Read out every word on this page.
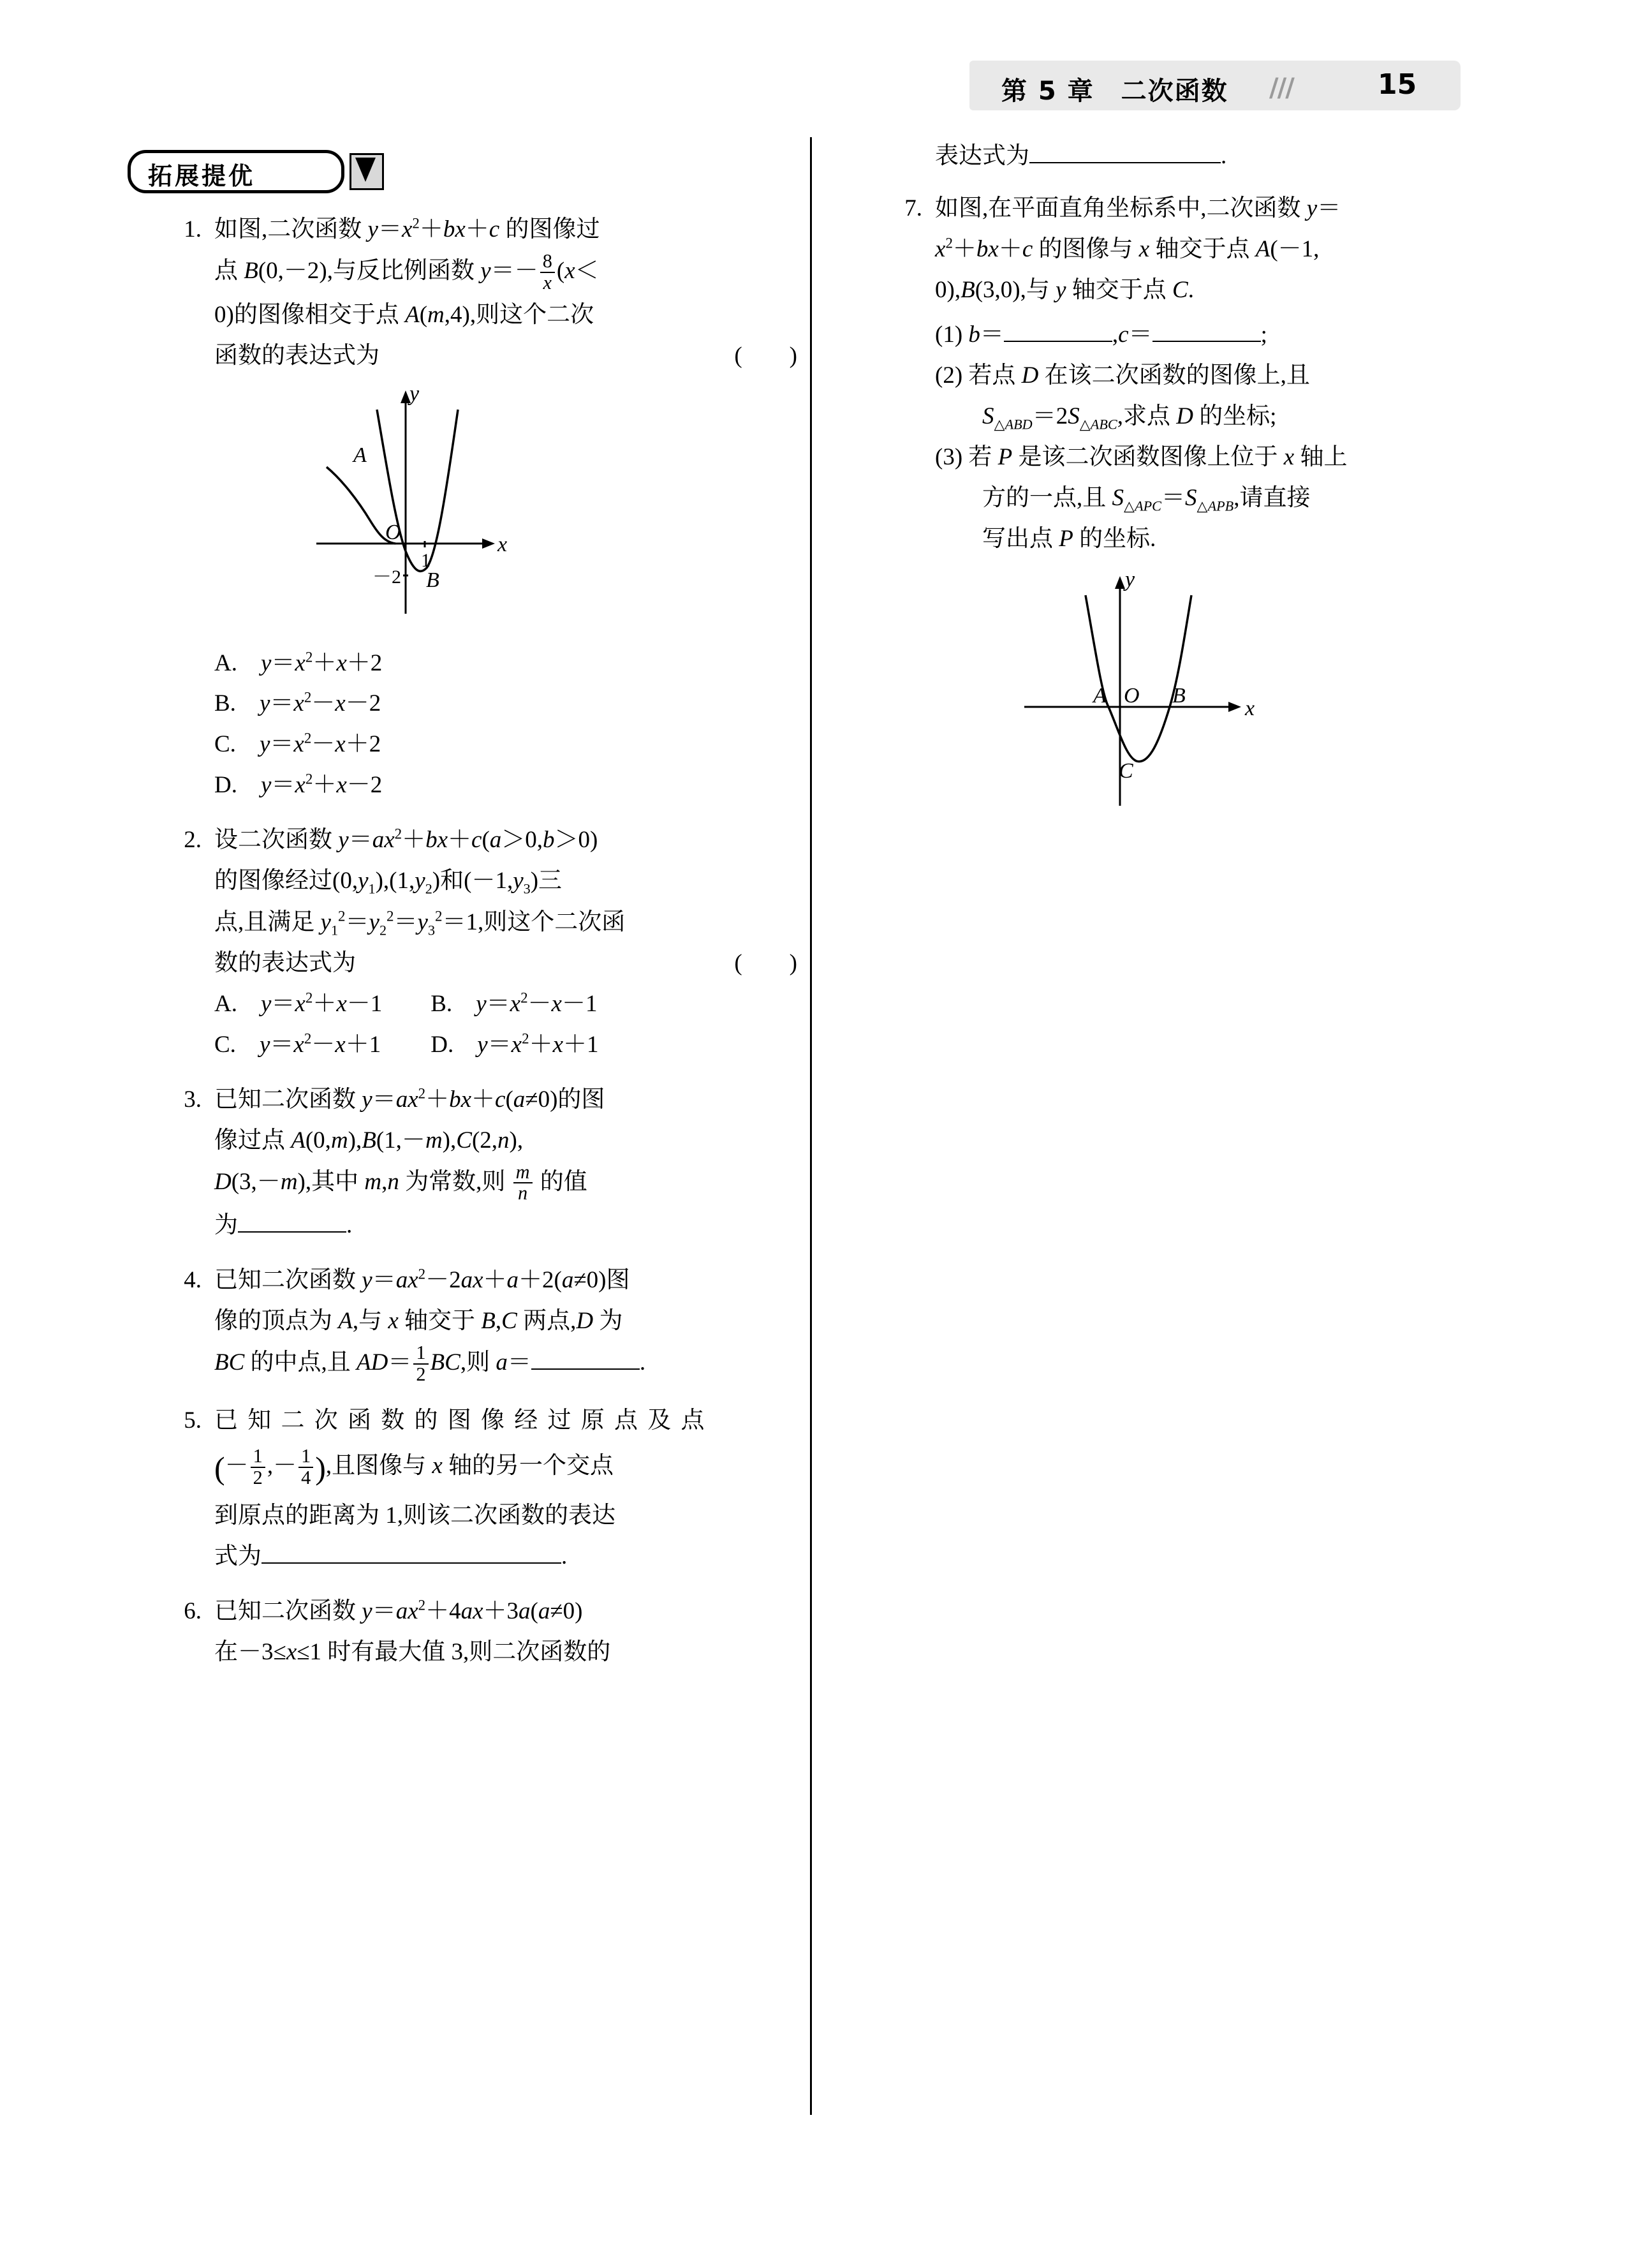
第 5 章　二次函数 ///	15
拓展提优
1. 如图,二次函数 $y=x^2+bx+c$ 的图像过
点 B(0,－2),与反比例函数 $y=- \frac{8}{x} (x<$
0)的图像相交于点 A(m,4),则这个二次
函数的表达式为	(　　)
y
x
O
A
B
1
－2
A.　$y=x^2+x+2$
B.　$y=x^2-x-2$
C.　$y=x^2-x+2$
D.　$y=x^2+x-2$
2. 设二次函数 $y=ax^2+bx+c(a>0,b>0)$
的图像经过$(0,y_1),(1,y_2)$和$(-1,y_3)$三
点,且满足 $y_1^2=y_2^2=y_3^2=1$,则这个二次函
数的表达式为	(　　)
A.　$y=x^2+x-1$ B.　$y=x^2-x-1$
C.　$y=x^2-x+1$ D.　$y=x^2+x+1$
3. 已知二次函数 $y=ax^2+bx+c(a\ne 0)$的图
像过点 A(0,m),B(1,－m),C(2,n),
D(3,－m),其中 m,n 为常数,则 $\frac{m}{n}$ 的值
为	.
4. 已知二次函数 $y=ax^2-2ax+a+2(a\ne 0)$图
像的顶点为 A,与 x 轴交于 B,C 两点,D 为
BC 的中点,且 $AD= \frac{1}{2}$ BC,则 a＝	.
5. 已 知 二 次 函 数 的 图 像 经 过 原 点 及 点
(－ $\frac{1}{2}$ ,－ $\frac{1}{4}$ ),且图像与 x 轴的另一个交点
到原点的距离为 1,则该二次函数的表达
式为	.
6. 已知二次函数 $y=ax^2+4ax+3a(a\ne 0)$
在－3≤x≤1 时有最大值 3,则二次函数的
表达式为	.
7. 如图,在平面直角坐标系中,二次函数 y＝
$x^2+bx+c$ 的图像与 x 轴交于点 A(－1,
0),B(3,0),与 y 轴交于点 C.
(1) b＝	,c＝	;
(2) 若点 D 在该二次函数的图像上,且
$S_{\triangle ABD}=2S_{\triangle ABC}$,求点 D 的坐标;
(3) 若 P 是该二次函数图像上位于 x 轴上
方的一点,且 $S_{\triangle APC}=S_{\triangle APB}$,请直接
写出点 P 的坐标.
y
x
O
A	B
C
